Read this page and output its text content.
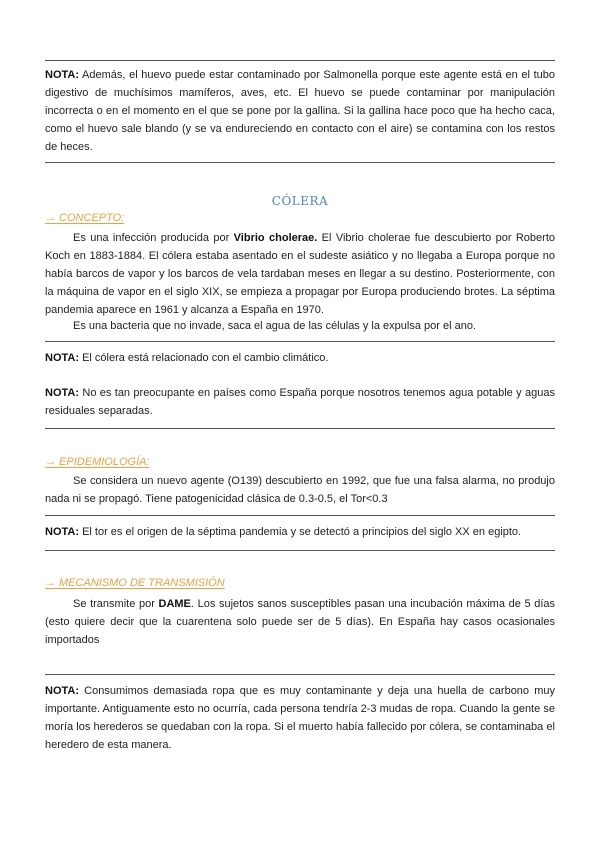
NOTA: Además, el huevo puede estar contaminado por Salmonella porque este agente está en el tubo digestivo de muchísimos mamíferos, aves, etc. El huevo se puede contaminar por manipulación incorrecta o en el momento en el que se pone por la gallina. Si la gallina hace poco que ha hecho caca, como el huevo sale blando (y se va endureciendo en contacto con el aire) se contamina con los restos de heces.
CÓLERA
→ CONCEPTO:
Es una infección producida por Vibrio cholerae. El Vibrio cholerae fue descubierto por Roberto Koch en 1883-1884. El cólera estaba asentado en el sudeste asiático y no llegaba a Europa porque no había barcos de vapor y los barcos de vela tardaban meses en llegar a su destino. Posteriormente, con la máquina de vapor en el siglo XIX, se empieza a propagar por Europa produciendo brotes. La séptima pandemia aparece en 1961 y alcanza a España en 1970.
Es una bacteria que no invade, saca el agua de las células y la expulsa por el ano.
NOTA: El cólera está relacionado con el cambio climático.
NOTA: No es tan preocupante en países como España porque nosotros tenemos agua potable y aguas residuales separadas.
→ EPIDEMIOLOGÍA:
Se considera un nuevo agente (O139) descubierto en 1992, que fue una falsa alarma, no produjo nada ni se propagó. Tiene patogenicidad clásica de 0.3-0.5, el Tor<0.3
NOTA: El tor es el origen de la séptima pandemia y se detectó a principios del siglo XX en egipto.
→ MECANISMO DE TRANSMISIÓN
Se transmite por DAME. Los sujetos sanos susceptibles pasan una incubación máxima de 5 días (esto quiere decir que la cuarentena solo puede ser de 5 días). En España hay casos ocasionales importados
NOTA: Consumimos demasiada ropa que es muy contaminante y deja una huella de carbono muy importante. Antiguamente esto no ocurría, cada persona tendría 2-3 mudas de ropa. Cuando la gente se moría los herederos se quedaban con la ropa. Si el muerto había fallecido por cólera, se contaminaba el heredero de esta manera.
